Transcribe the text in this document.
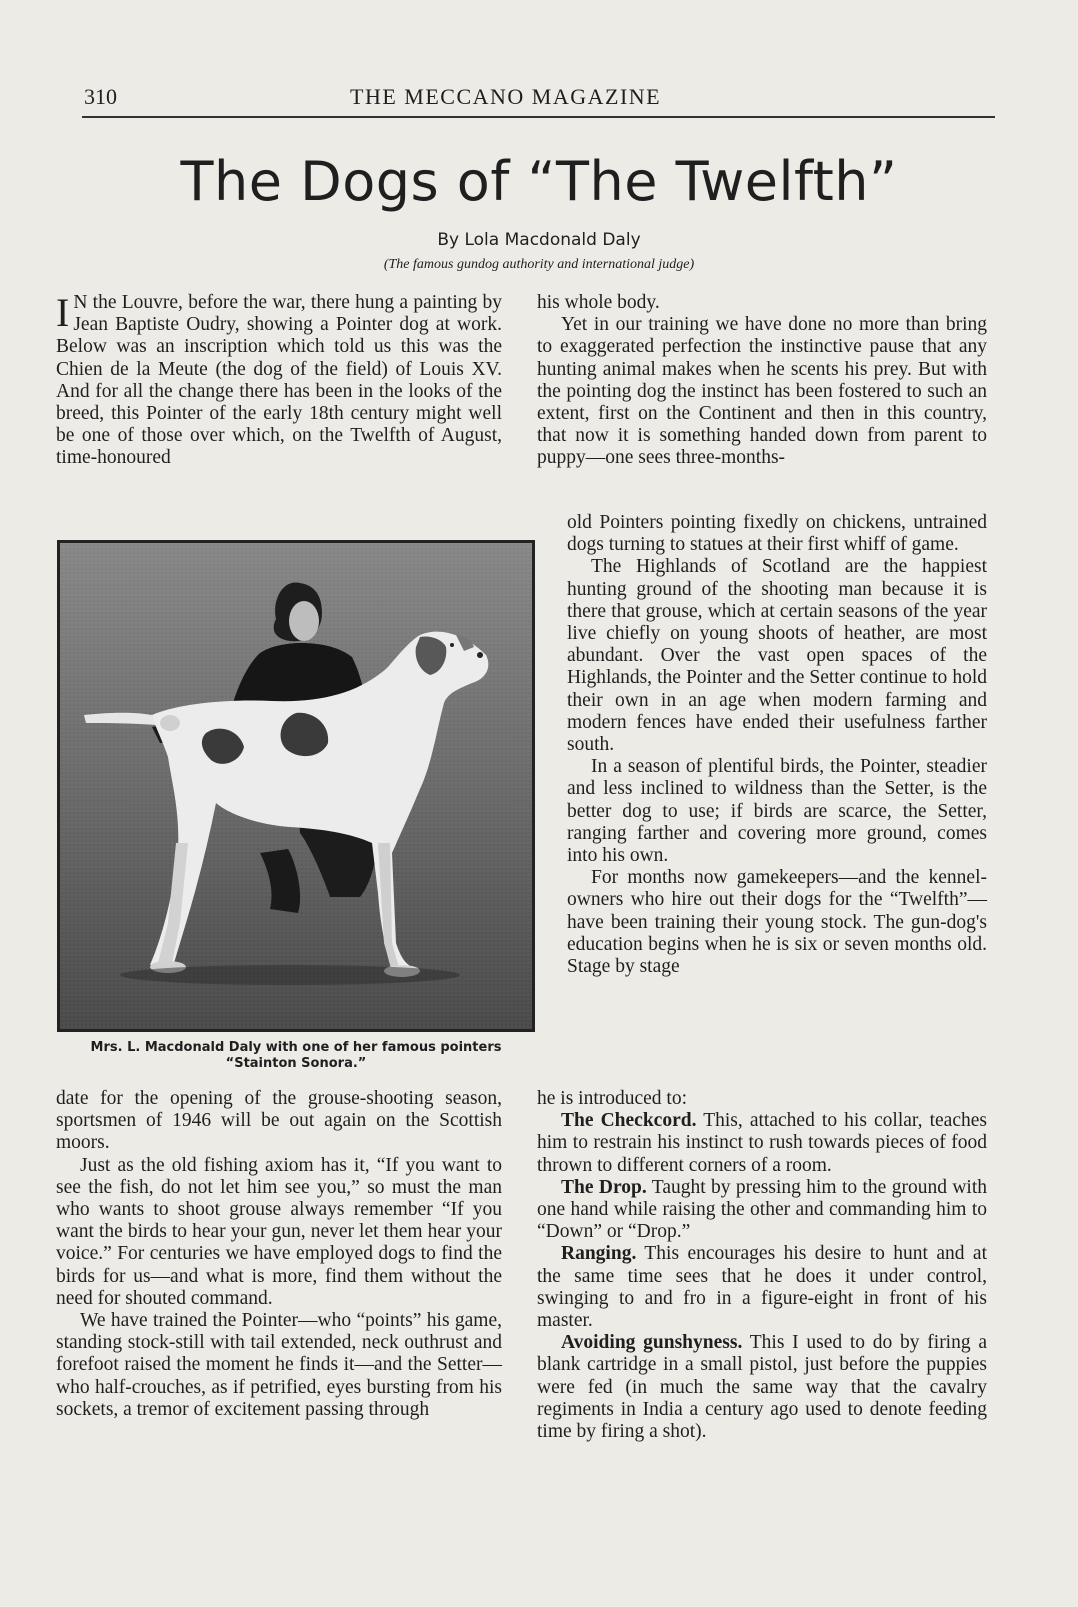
310	THE MECCANO MAGAZINE
The Dogs of “The Twelfth”
By Lola Macdonald Daly
(The famous gundog authority and international judge)

I N the Louvre, before the war, there hung a painting by Jean Baptiste Oudry, showing a Pointer dog at work. Below was an inscription which told us this was the Chien de la Meute (the dog of the field) of Louis XV. And for all the change there has been in the looks of the breed, this Pointer of the early 18th century might well be one of those over which, on the Twelfth of August, time-honoured

Mrs. L. Macdonald Daly with one of her famous pointers
“Stainton Sonora.”

date for the opening of the grouse-shooting season, sportsmen of 1946 will be out again on the Scottish moors.

Just as the old fishing axiom has it, “If you want to see the fish, do not let him see you,” so must the man who wants to shoot grouse always remember “If you want the birds to hear your gun, never let them hear your voice.” For centuries we have employed dogs to find the birds for us—and what is more, find them without the need for shouted command.

We have trained the Pointer—who “points” his game, standing stock-still with tail extended, neck outhrust and forefoot raised the moment he finds it—and the Setter—who half-crouches, as if petrified, eyes bursting from his sockets, a tremor of excitement passing through

his whole body.

Yet in our training we have done no more than bring to exaggerated perfection the instinctive pause that any hunting animal makes when he scents his prey. But with the pointing dog the instinct has been fostered to such an extent, first on the Continent and then in this country, that now it is something handed down from parent to puppy—one sees three-months-

old Pointers pointing fixedly on chickens, untrained dogs turning to statues at their first whiff of game.

The Highlands of Scotland are the happiest hunting ground of the shooting man because it is there that grouse, which at certain seasons of the year live chiefly on young shoots of heather, are most abundant. Over the vast open spaces of the Highlands, the Pointer and the Setter continue to hold their own in an age when modern farming and modern fences have ended their usefulness farther south.

In a season of plentiful birds, the Pointer, steadier and less inclined to wildness than the Setter, is the better dog to use; if birds are scarce, the Setter, ranging farther and covering more ground, comes into his own.

For months now gamekeepers—and the kennel-owners who hire out their dogs for the “Twelfth”—have been training their young stock. The gun-dog's education begins when he is six or seven months old. Stage by stage

he is introduced to:

The Checkcord. This, attached to his collar, teaches him to restrain his instinct to rush towards pieces of food thrown to different corners of a room.

The Drop. Taught by pressing him to the ground with one hand while raising the other and commanding him to “Down” or “Drop.”

Ranging. This encourages his desire to hunt and at the same time sees that he does it under control, swinging to and fro in a figure-eight in front of his master.

Avoiding gunshyness. This I used to do by firing a blank cartridge in a small pistol, just before the puppies were fed (in much the same way that the cavalry regiments in India a century ago used to denote feeding time by firing a shot).
